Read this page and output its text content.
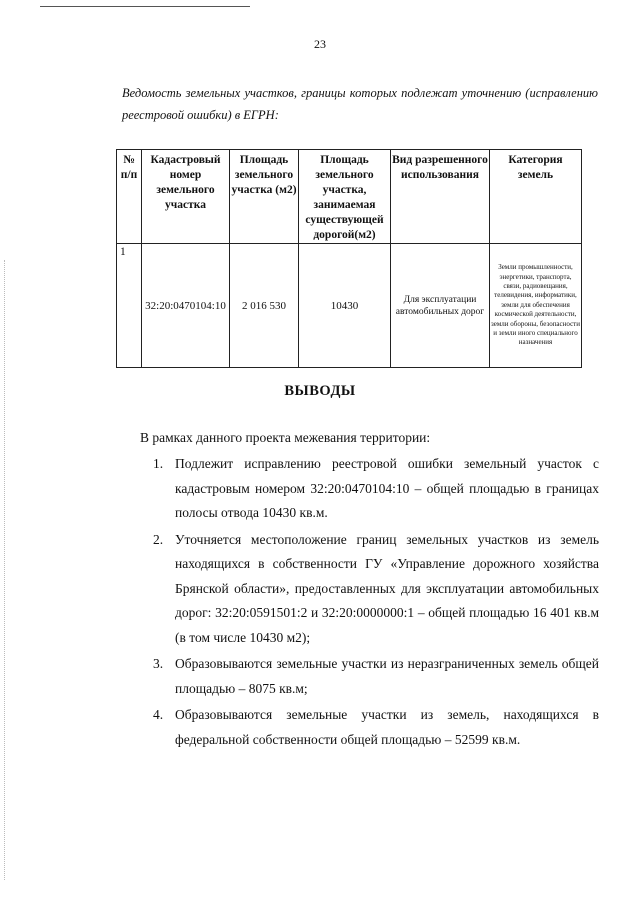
23
Ведомость земельных участков, границы которых подлежат уточнению (исправлению
реестровой ошибки) в ЕГРН:
№ п/п	Кадастровый номер земельного участка	Площадь земельного участка (м2)	Площадь земельного участка, занимаемая существующей дорогой(м2)	Вид разрешенного использования	Категория земель
1	32:20:0470104:10	2 016 530	10430	Для эксплуатации автомобильных дорог	Земли промышленности, энергетики, транспорта, связи, радиовещания, телевидения, информатики, земли для обеспечения космической деятельности, земли обороны, безопасности и земли иного специального назначения
ВЫВОДЫ
В рамках данного проекта межевания территории:
1. Подлежит исправлению реестровой ошибки земельный участок с кадастровым номером 32:20:0470104:10 – общей площадью в границах полосы отвода 10430 кв.м.
2. Уточняется местоположение границ земельных участков из земель находящихся в собственности ГУ «Управление дорожного хозяйства Брянской области», предоставленных для эксплуатации автомобильных дорог: 32:20:0591501:2 и 32:20:0000000:1 – общей площадью 16 401 кв.м (в том числе 10430 м2);
3. Образовываются земельные участки из неразграниченных земель общей площадью – 8075 кв.м;
4. Образовываются земельные участки из земель, находящихся в федеральной собственности общей площадью – 52599 кв.м.
